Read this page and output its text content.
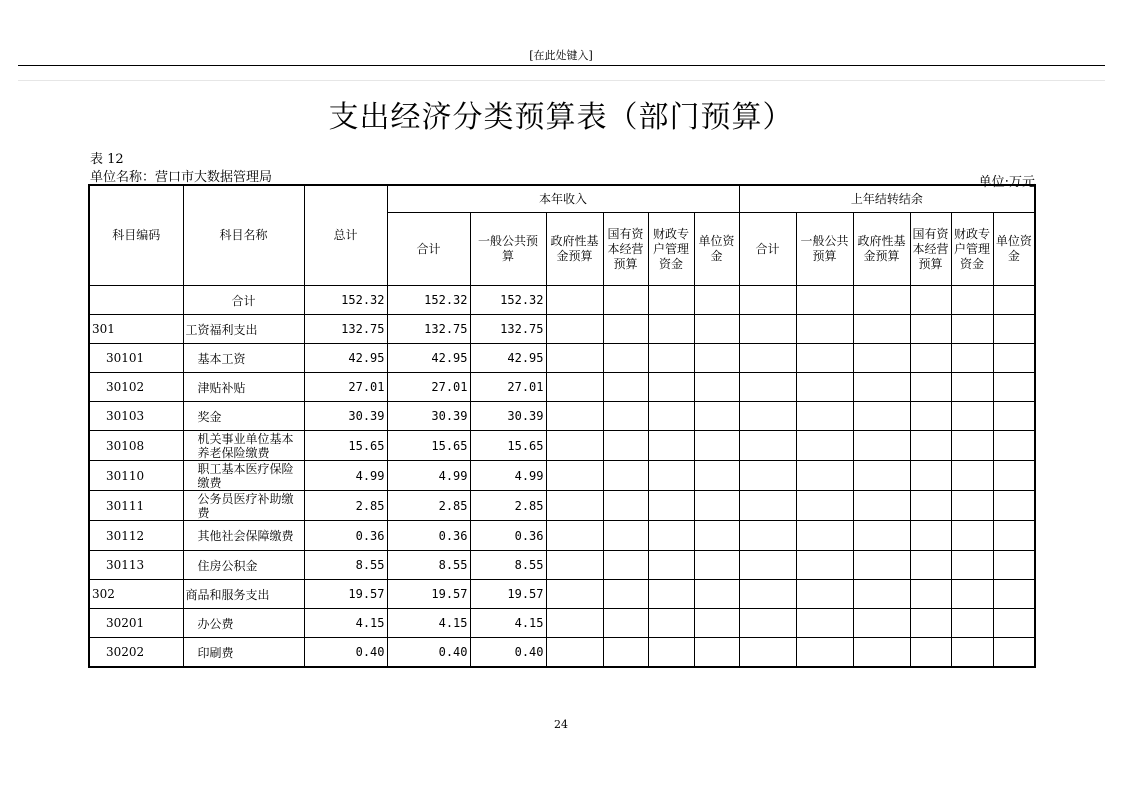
[在此处键入]
支出经济分类预算表（部门预算）
表 12
单位名称：营口市大数据管理局	单位:万元
科目编码	科目名称	总计	本年收入						上年结转结余					
			合计	一般公共预算	政府性基金预算	国有资本经营预算	财政专户管理资金	单位资金	合计	一般公共预算	政府性基金预算	国有资本经营预算	财政专户管理资金	单位资金
	合计	152.32	152.32	152.32										
301	工资福利支出	132.75	132.75	132.75										
30101	基本工资	42.95	42.95	42.95										
30102	津贴补贴	27.01	27.01	27.01										
30103	奖金	30.39	30.39	30.39										
30108	机关事业单位基本养老保险缴费	15.65	15.65	15.65										
30110	职工基本医疗保险缴费	4.99	4.99	4.99										
30111	公务员医疗补助缴费	2.85	2.85	2.85										
30112	其他社会保障缴费	0.36	0.36	0.36										
30113	住房公积金	8.55	8.55	8.55										
302	商品和服务支出	19.57	19.57	19.57										
30201	办公费	4.15	4.15	4.15										
30202	印刷费	0.40	0.40	0.40										
24
